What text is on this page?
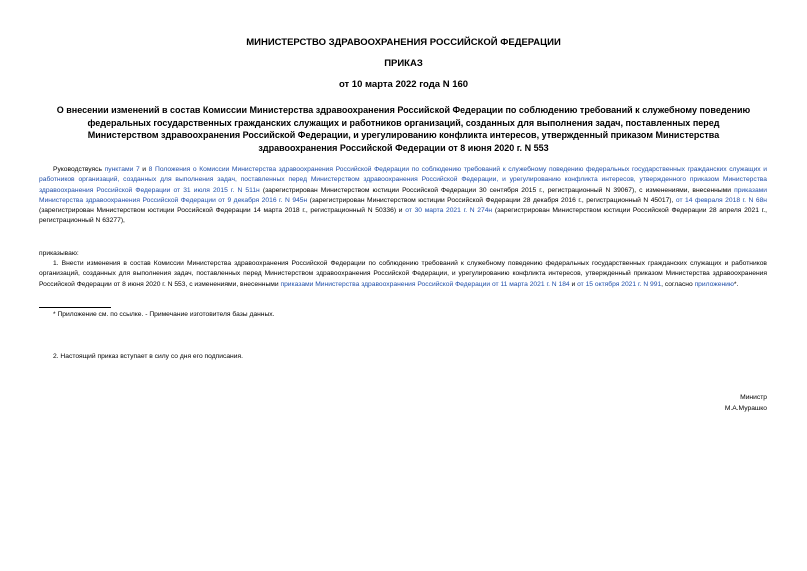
МИНИСТЕРСТВО ЗДРАВООХРАНЕНИЯ РОССИЙСКОЙ ФЕДЕРАЦИИ
ПРИКАЗ
от 10 марта 2022 года N 160
О внесении изменений в состав Комиссии Министерства здравоохранения Российской Федерации по соблюдению требований к служебному поведению федеральных государственных гражданских служащих и работников организаций, созданных для выполнения задач, поставленных перед Министерством здравоохранения Российской Федерации, и урегулированию конфликта интересов, утвержденный приказом Министерства здравоохранения Российской Федерации от 8 июня 2020 г. N 553
Руководствуясь пунктами 7 и 8 Положения о Комиссии Министерства здравоохранения Российской Федерации по соблюдению требований к служебному поведению федеральных государственных гражданских служащих и работников организаций, созданных для выполнения задач, поставленных перед Министерством здравоохранения Российской Федерации, и урегулированию конфликта интересов, утвержденного приказом Министерства здравоохранения Российской Федерации от 31 июля 2015 г. N 511н (зарегистрирован Министерством юстиции Российской Федерации 30 сентября 2015 г., регистрационный N 39067), с изменениями, внесенными приказами Министерства здравоохранения Российской Федерации от 9 декабря 2016 г. N 945н (зарегистрирован Министерством юстиции Российской Федерации 28 декабря 2016 г., регистрационный N 45017), от 14 февраля 2018 г. N 68н (зарегистрирован Министерством юстиции Российской Федерации 14 марта 2018 г., регистрационный N 50336) и от 30 марта 2021 г. N 274н (зарегистрирован Министерством юстиции Российской Федерации 28 апреля 2021 г., регистрационный N 63277),
приказываю:
1. Внести изменения в состав Комиссии Министерства здравоохранения Российской Федерации по соблюдению требований к служебному поведению федеральных государственных гражданских служащих и работников организаций, созданных для выполнения задач, поставленных перед Министерством здравоохранения Российской Федерации, и урегулированию конфликта интересов, утвержденный приказом Министерства здравоохранения Российской Федерации от 8 июня 2020 г. N 553, с изменениями, внесенными приказами Министерства здравоохранения Российской Федерации от 11 марта 2021 г. N 184 и от 15 октября 2021 г. N 991, согласно приложению*.
* Приложение см. по ссылке. - Примечание изготовителя базы данных.
2. Настоящий приказ вступает в силу со дня его подписания.
Министр
М.А.Мурашко
